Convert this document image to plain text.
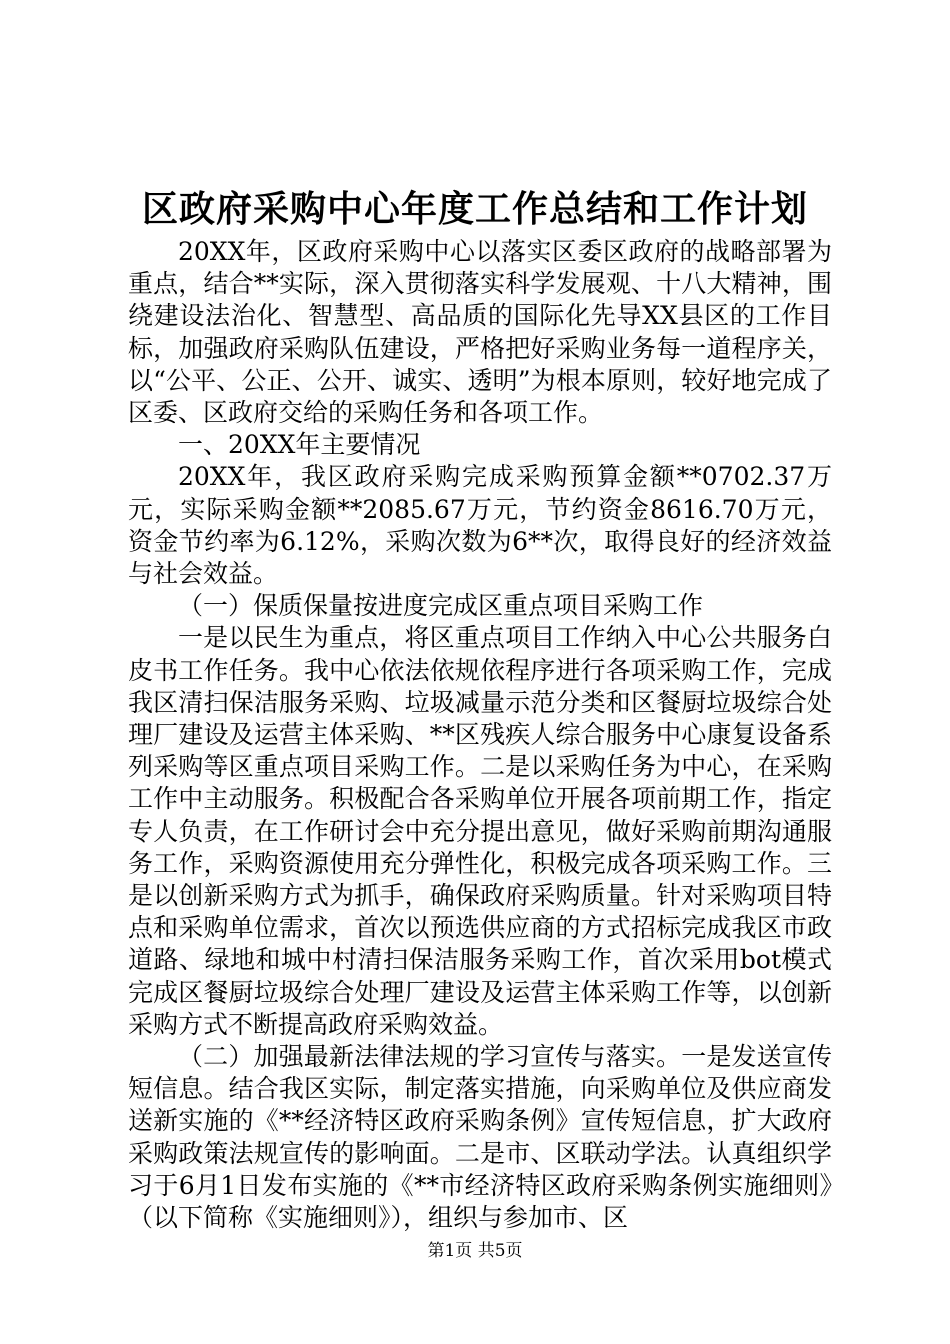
区政府采购中心年度工作总结和工作计划

20XX年，区政府采购中心以落实区委区政府的战略部署为重点，结合**实际，深入贯彻落实科学发展观、十八大精神，围绕建设法治化、智慧型、高品质的国际化先导XX县区的工作目标，加强政府采购队伍建设，严格把好采购业务每一道程序关，以“公平、公正、公开、诚实、透明”为根本原则，较好地完成了区委、区政府交给的采购任务和各项工作。

一、20XX年主要情况

20XX年，我区政府采购完成采购预算金额**0702.37万元，实际采购金额**2085.67万元，节约资金8616.70万元，资金节约率为6.12%，采购次数为6**次，取得良好的经济效益与社会效益。

（一）保质保量按进度完成区重点项目采购工作

一是以民生为重点，将区重点项目工作纳入中心公共服务白皮书工作任务。我中心依法依规依程序进行各项采购工作，完成我区清扫保洁服务采购、垃圾减量示范分类和区餐厨垃圾综合处理厂建设及运营主体采购、**区残疾人综合服务中心康复设备系列采购等区重点项目采购工作。二是以采购任务为中心，在采购工作中主动服务。积极配合各采购单位开展各项前期工作，指定专人负责，在工作研讨会中充分提出意见，做好采购前期沟通服务工作，采购资源使用充分弹性化，积极完成各项采购工作。三是以创新采购方式为抓手，确保政府采购质量。针对采购项目特点和采购单位需求，首次以预选供应商的方式招标完成我区市政道路、绿地和城中村清扫保洁服务采购工作，首次采用bot模式完成区餐厨垃圾综合处理厂建设及运营主体采购工作等，以创新采购方式不断提高政府采购效益。

（二）加强最新法律法规的学习宣传与落实。一是发送宣传短信息。结合我区实际，制定落实措施，向采购单位及供应商发送新实施的《**经济特区政府采购条例》宣传短信息，扩大政府采购政策法规宣传的影响面。二是市、区联动学法。认真组织学习于6月1日发布实施的《**市经济特区政府采购条例实施细则》（以下简称《实施细则》），组织与参加市、区

第1页 共5页
